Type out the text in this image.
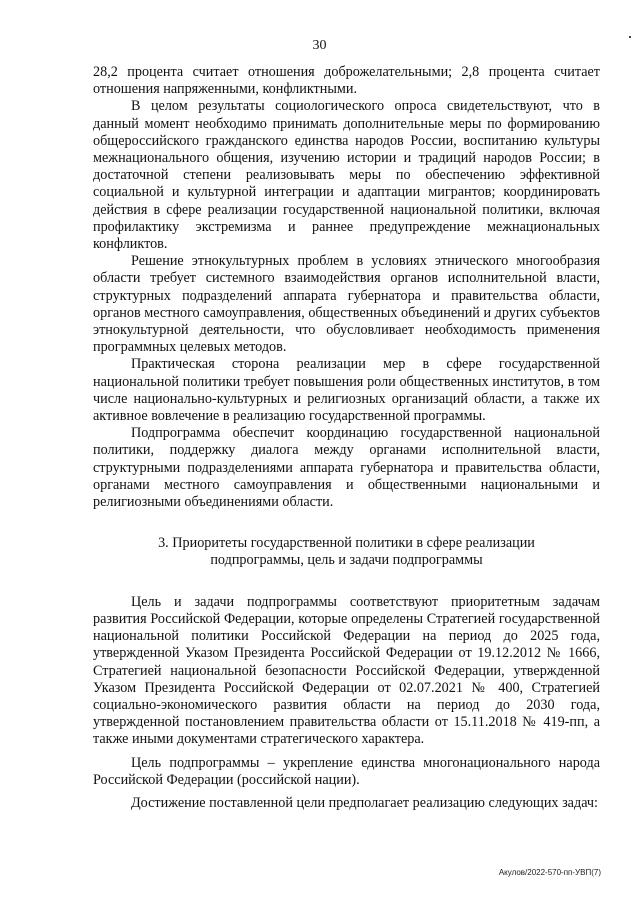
30

28,2 процента считает отношения доброжелательными; 2,8 процента считает отношения напряженными, конфликтными.

В целом результаты социологического опроса свидетельствуют, что в данный момент необходимо принимать дополнительные меры по формированию общероссийского гражданского единства народов России, воспитанию культуры межнационального общения, изучению истории и традиций народов России; в достаточной степени реализовывать меры по обеспечению эффективной социальной и культурной интеграции и адаптации мигрантов; координировать действия в сфере реализации государственной национальной политики, включая профилактику экстремизма и раннее предупреждение межнациональных конфликтов.

Решение этнокультурных проблем в условиях этнического многообразия области требует системного взаимодействия органов исполнительной власти, структурных подразделений аппарата губернатора и правительства области, органов местного самоуправления, общественных объединений и других субъектов этнокультурной деятельности, что обусловливает необходимость применения программных целевых методов.

Практическая сторона реализации мер в сфере государственной национальной политики требует повышения роли общественных институтов, в том числе национально-культурных и религиозных организаций области, а также их активное вовлечение в реализацию государственной программы.

Подпрограмма обеспечит координацию государственной национальной политики, поддержку диалога между органами исполнительной власти, структурными подразделениями аппарата губернатора и правительства области, органами местного самоуправления и общественными национальными и религиозными объединениями области.

3. Приоритеты государственной политики в сфере реализации
подпрограммы, цель и задачи подпрограммы

Цель и задачи подпрограммы соответствуют приоритетным задачам развития Российской Федерации, которые определены Стратегией государственной национальной политики Российской Федерации на период до 2025 года, утвержденной Указом Президента Российской Федерации от 19.12.2012 № 1666, Стратегией национальной безопасности Российской Федерации, утвержденной Указом Президента Российской Федерации от 02.07.2021 № 400, Стратегией социально-экономического развития области на период до 2030 года, утвержденной постановлением правительства области от 15.11.2018 № 419-пп, а также иными документами стратегического характера.

Цель подпрограммы – укрепление единства многонационального народа Российской Федерации (российской нации).

Достижение поставленной цели предполагает реализацию следующих задач:

Акулов/2022-570-пп-УВП(7)
